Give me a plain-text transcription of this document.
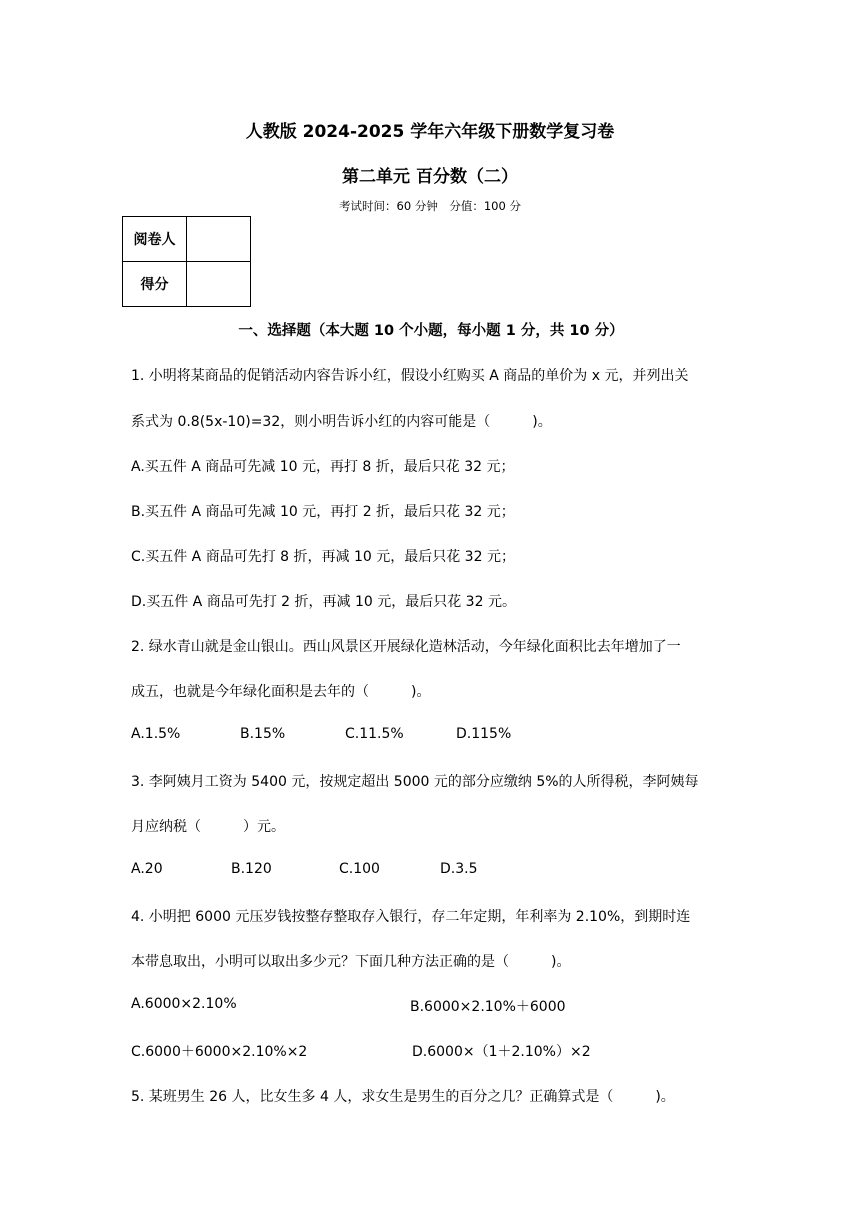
人教版 2024-2025 学年六年级下册数学复习卷
第二单元 百分数（二）
考试时间：60 分钟　分值：100 分
阅卷人	
得分	
一、选择题（本大题 10 个小题，每小题 1 分，共 10 分）
1. 小明将某商品的促销活动内容告诉小红，假设小红购买 A 商品的单价为 x 元，并列出关
系式为 0.8(5x-10)=32，则小明告诉小红的内容可能是（　　　)。
A.买五件 A 商品可先减 10 元，再打 8 折，最后只花 32 元；
B.买五件 A 商品可先减 10 元，再打 2 折，最后只花 32 元；
C.买五件 A 商品可先打 8 折，再减 10 元，最后只花 32 元；
D.买五件 A 商品可先打 2 折，再减 10 元，最后只花 32 元。
2. 绿水青山就是金山银山。西山风景区开展绿化造林活动，今年绿化面积比去年增加了一
成五，也就是今年绿化面积是去年的（　　　)。
A.1.5%	B.15%	C.11.5%	D.115%
3. 李阿姨月工资为 5400 元，按规定超出 5000 元的部分应缴纳 5%的人所得税，李阿姨每
月应纳税（　　　）元。
A.20	B.120	C.100	D.3.5
4. 小明把 6000 元压岁钱按整存整取存入银行，存二年定期，年利率为 2.10%，到期时连
本带息取出，小明可以取出多少元？下面几种方法正确的是（　　　)。
A.6000×2.10%	B.6000×2.10%＋6000
C.6000＋6000×2.10%×2	D.6000×（1＋2.10%）×2
5. 某班男生 26 人，比女生多 4 人，求女生是男生的百分之几？正确算式是（　　　)。
